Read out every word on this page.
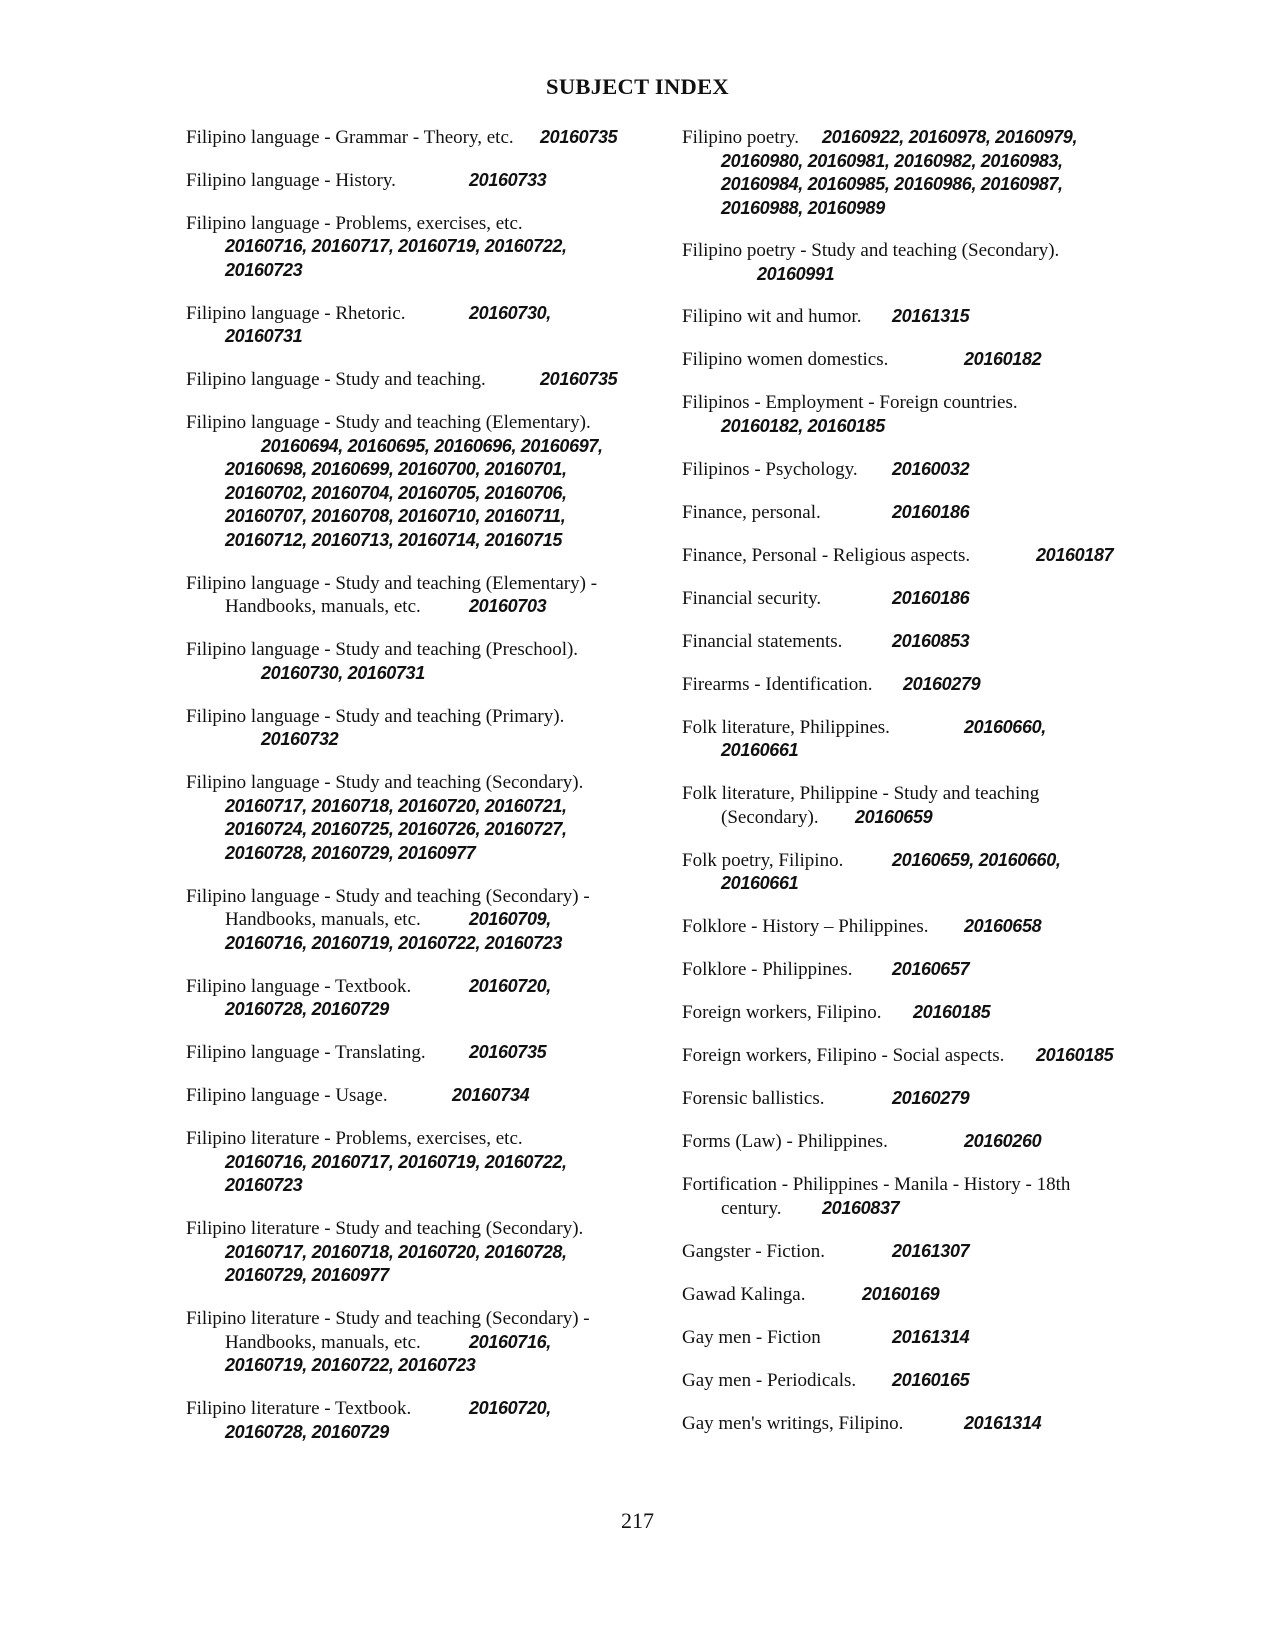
SUBJECT INDEX
Filipino language - Grammar - Theory, etc. 20160735
Filipino language - History.	20160733
Filipino language - Problems, exercises, etc.
20160716, 20160717, 20160719, 20160722,
20160723
Filipino language - Rhetoric.	20160730,
20160731
Filipino language - Study and teaching.	20160735
Filipino language - Study and teaching (Elementary).
20160694, 20160695, 20160696, 20160697,
20160698, 20160699, 20160700, 20160701,
20160702, 20160704, 20160705, 20160706,
20160707, 20160708, 20160710, 20160711,
20160712, 20160713, 20160714, 20160715
Filipino language - Study and teaching (Elementary) -
Handbooks, manuals, etc.	20160703
Filipino language - Study and teaching (Preschool).
20160730, 20160731
Filipino language - Study and teaching (Primary).
20160732
Filipino language - Study and teaching (Secondary).
20160717, 20160718, 20160720, 20160721,
20160724, 20160725, 20160726, 20160727,
20160728, 20160729, 20160977
Filipino language - Study and teaching (Secondary) -
Handbooks, manuals, etc.	20160709,
20160716, 20160719, 20160722, 20160723
Filipino language - Textbook.	20160720,
20160728, 20160729
Filipino language - Translating. 20160735
Filipino language - Usage.	20160734
Filipino literature - Problems, exercises, etc.
20160716, 20160717, 20160719, 20160722,
20160723
Filipino literature - Study and teaching (Secondary).
20160717, 20160718, 20160720, 20160728,
20160729, 20160977
Filipino literature - Study and teaching (Secondary) -
Handbooks, manuals, etc.	20160716,
20160719, 20160722, 20160723
Filipino literature - Textbook.	20160720,
20160728, 20160729
Filipino poetry. 20160922, 20160978, 20160979,
20160980, 20160981, 20160982, 20160983,
20160984, 20160985, 20160986, 20160987,
20160988, 20160989
Filipino poetry - Study and teaching (Secondary).
20160991
Filipino wit and humor. 20161315
Filipino women domestics.	20160182
Filipinos - Employment - Foreign countries.
20160182, 20160185
Filipinos - Psychology. 20160032
Finance, personal.	20160186
Finance, Personal - Religious aspects.	20160187
Financial security.	20160186
Financial statements.	20160853
Firearms - Identification. 20160279
Folk literature, Philippines.	20160660,
20160661
Folk literature, Philippine - Study and teaching
(Secondary). 20160659
Folk poetry, Filipino.	20160659, 20160660,
20160661
Folklore - History – Philippines. 20160658
Folklore - Philippines. 20160657
Foreign workers, Filipino. 20160185
Foreign workers, Filipino - Social aspects. 20160185
Forensic ballistics.	20160279
Forms (Law) - Philippines.	20160260
Fortification - Philippines - Manila - History - 18th
century. 20160837
Gangster - Fiction.	20161307
Gawad Kalinga.	20160169
Gay men - Fiction	20161314
Gay men - Periodicals. 20160165
Gay men's writings, Filipino.	20161314
217
